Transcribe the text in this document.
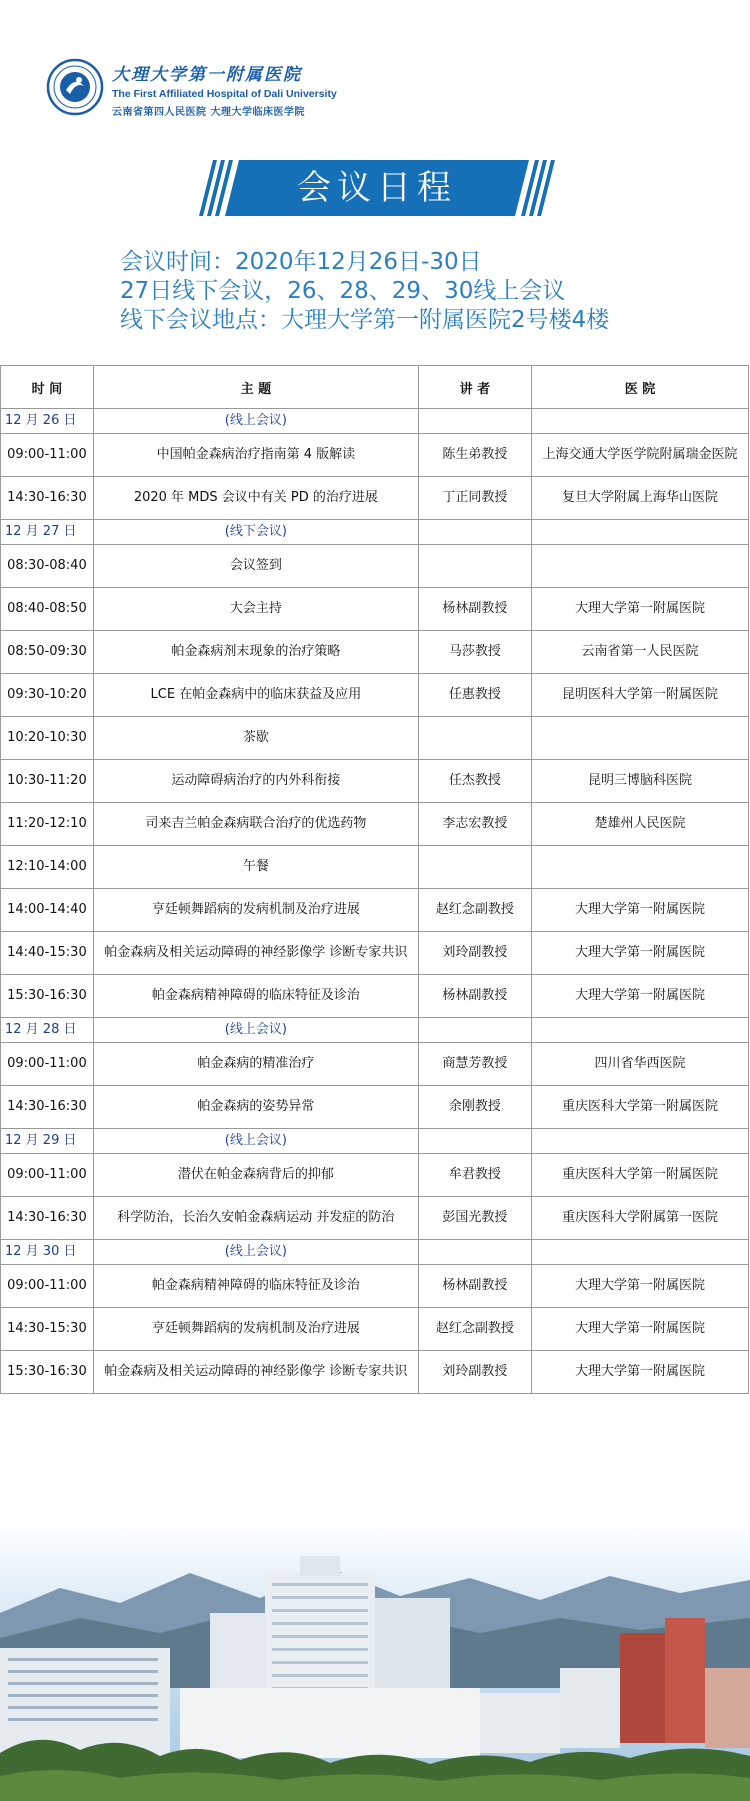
大理大学第一附属医院
The First Affiliated Hospital of Dali University
云南省第四人民医院 大理大学临床医学院
会议日程
会议时间：2020年12月26日-30日
27日线下会议，26、28、29、30线上会议
线下会议地点：大理大学第一附属医院2号楼4楼
时 间	主 题	讲 者	医 院
12 月 26 日	(线上会议)		
09:00-11:00	中国帕金森病治疗指南第 4 版解读	陈生弟教授	上海交通大学医学院附属瑞金医院
14:30-16:30	2020 年 MDS 会议中有关 PD 的治疗进展	丁正同教授	复旦大学附属上海华山医院
12 月 27 日	(线下会议)		
08:30-08:40	会议签到		
08:40-08:50	大会主持	杨林副教授	大理大学第一附属医院
08:50-09:30	帕金森病剂末现象的治疗策略	马莎教授	云南省第一人民医院
09:30-10:20	LCE 在帕金森病中的临床获益及应用	任惠教授	昆明医科大学第一附属医院
10:20-10:30	茶歇		
10:30-11:20	运动障碍病治疗的内外科衔接	任杰教授	昆明三博脑科医院
11:20-12:10	司来吉兰帕金森病联合治疗的优选药物	李志宏教授	楚雄州人民医院
12:10-14:00	午餐		
14:00-14:40	亨廷顿舞蹈病的发病机制及治疗进展	赵红念副教授	大理大学第一附属医院
14:40-15:30	帕金森病及相关运动障碍的神经影像学 诊断专家共识	刘玲副教授	大理大学第一附属医院
15:30-16:30	帕金森病精神障碍的临床特征及诊治	杨林副教授	大理大学第一附属医院
12 月 28 日	(线上会议)		
09:00-11:00	帕金森病的精准治疗	商慧芳教授	四川省华西医院
14:30-16:30	帕金森病的姿势异常	余刚教授	重庆医科大学第一附属医院
12 月 29 日	(线上会议)		
09:00-11:00	潜伏在帕金森病背后的抑郁	牟君教授	重庆医科大学第一附属医院
14:30-16:30	科学防治，长治久安帕金森病运动 并发症的防治	彭国光教授	重庆医科大学附属第一医院
12 月 30 日	(线上会议)		
09:00-11:00	帕金森病精神障碍的临床特征及诊治	杨林副教授	大理大学第一附属医院
14:30-15:30	亨廷顿舞蹈病的发病机制及治疗进展	赵红念副教授	大理大学第一附属医院
15:30-16:30	帕金森病及相关运动障碍的神经影像学 诊断专家共识	刘玲副教授	大理大学第一附属医院
